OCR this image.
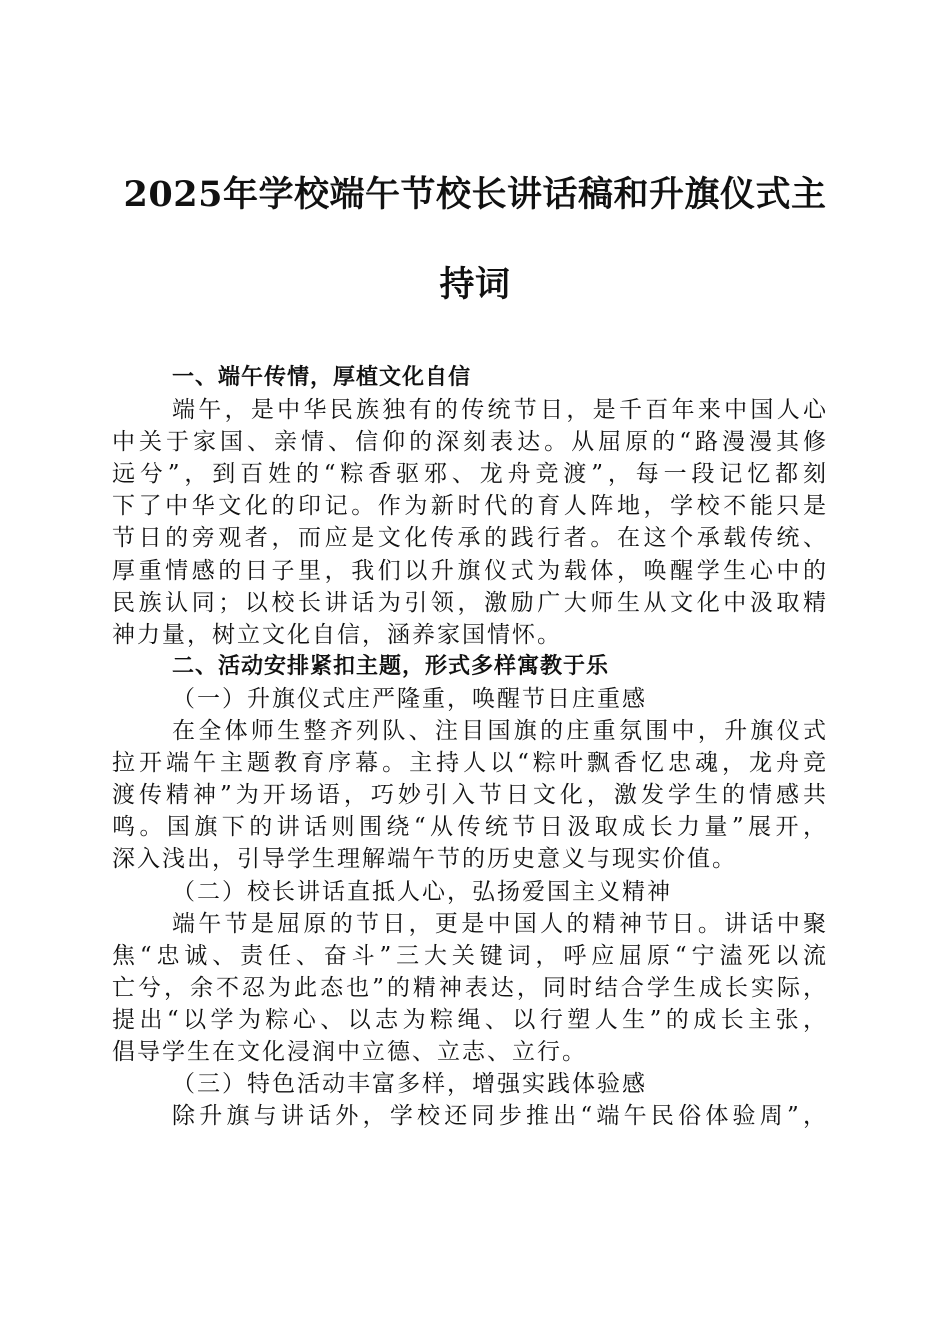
2025年学校端午节校长讲话稿和升旗仪式主
持词
一、端午传情，厚植文化自信
端午，是中华民族独有的传统节日，是千百年来中国人心
中关于家国、亲情、信仰的深刻表达。从屈原的“路漫漫其修
远兮”，到百姓的“粽香驱邪、龙舟竞渡”，每一段记忆都刻
下了中华文化的印记。作为新时代的育人阵地，学校不能只是
节日的旁观者，而应是文化传承的践行者。在这个承载传统、
厚重情感的日子里，我们以升旗仪式为载体，唤醒学生心中的
民族认同；以校长讲话为引领，激励广大师生从文化中汲取精
神力量，树立文化自信，涵养家国情怀。
二、活动安排紧扣主题，形式多样寓教于乐
（一）升旗仪式庄严隆重，唤醒节日庄重感
在全体师生整齐列队、注目国旗的庄重氛围中，升旗仪式
拉开端午主题教育序幕。主持人以“粽叶飘香忆忠魂，龙舟竞
渡传精神”为开场语，巧妙引入节日文化，激发学生的情感共
鸣。国旗下的讲话则围绕“从传统节日汲取成长力量”展开，
深入浅出，引导学生理解端午节的历史意义与现实价值。
（二）校长讲话直抵人心，弘扬爱国主义精神
端午节是屈原的节日，更是中国人的精神节日。讲话中聚
焦“忠诚、责任、奋斗”三大关键词，呼应屈原“宁溘死以流
亡兮，余不忍为此态也”的精神表达，同时结合学生成长实际，
提出“以学为粽心、以志为粽绳、以行塑人生”的成长主张，
倡导学生在文化浸润中立德、立志、立行。
（三）特色活动丰富多样，增强实践体验感
除升旗与讲话外，学校还同步推出“端午民俗体验周”，
